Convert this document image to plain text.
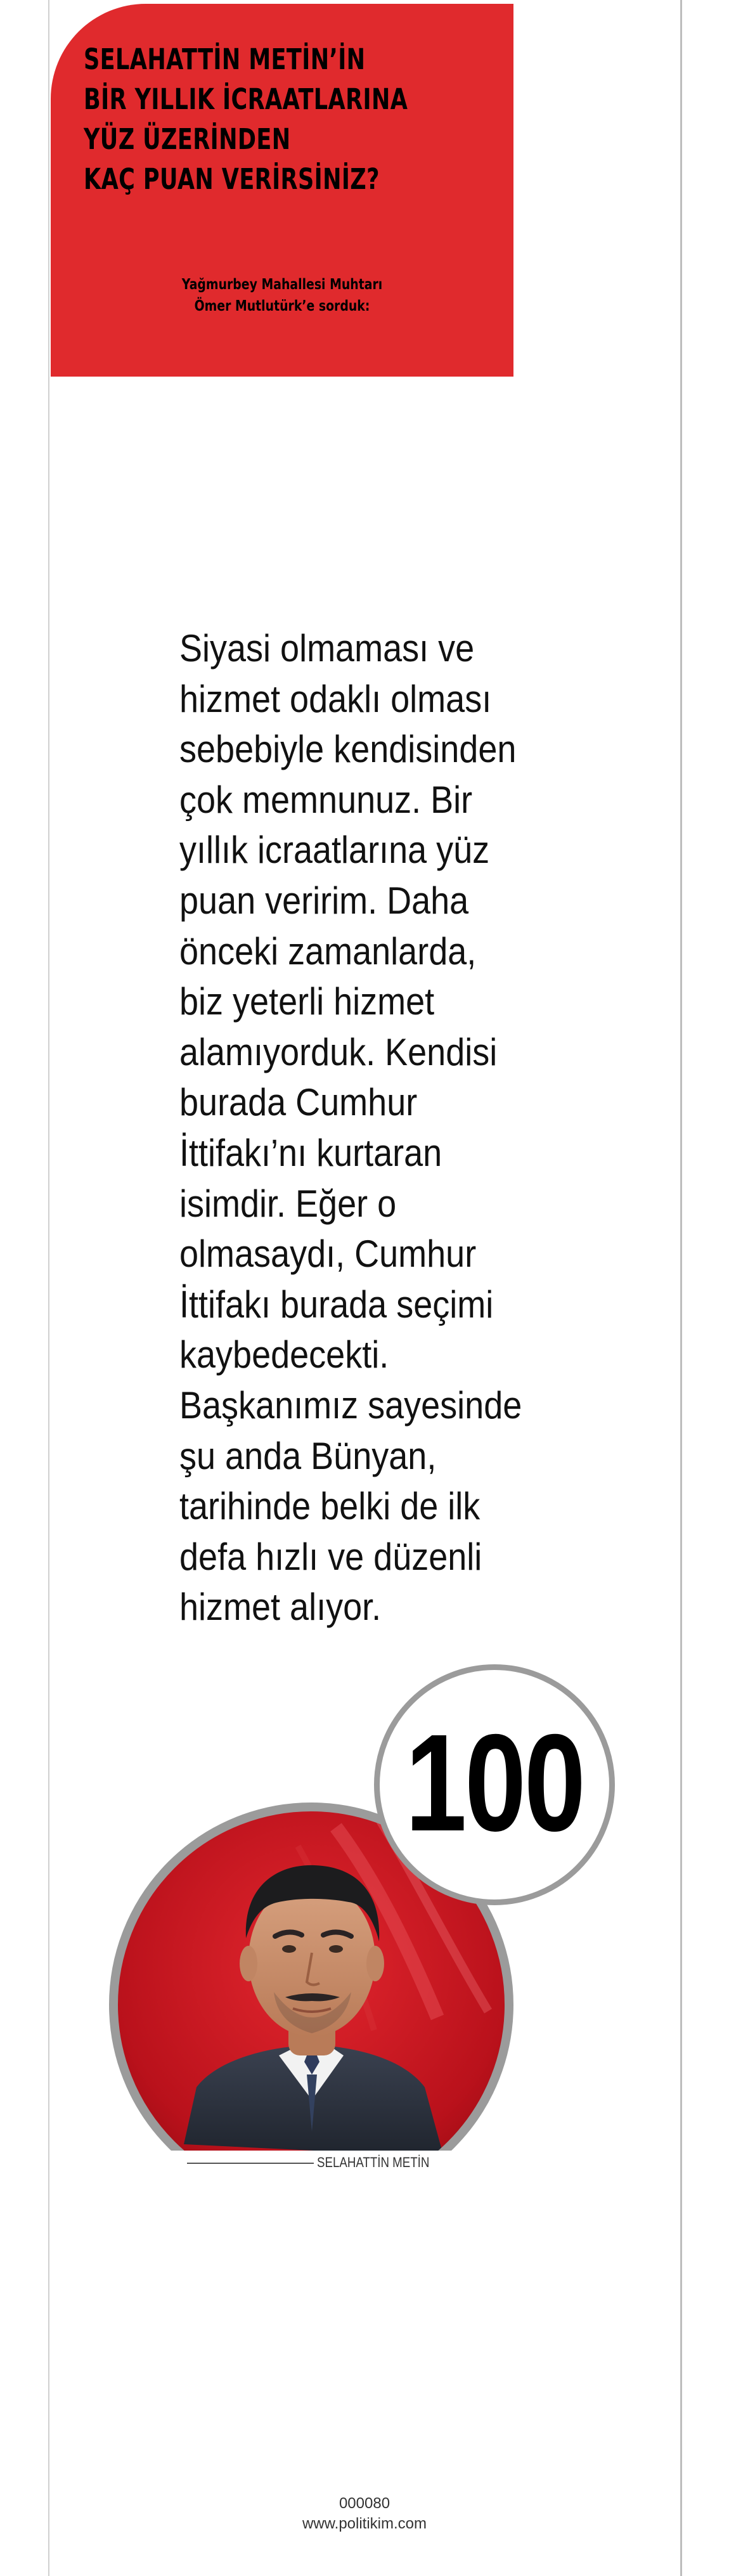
SELAHATTİN METİN’İN
BİR YILLIK İCRAATLARINA
YÜZ ÜZERİNDEN
KAÇ PUAN VERİRSİNİZ?
Yağmurbey Mahallesi Muhtarı
Ömer Mutlutürk’e sorduk:
Siyasi olmaması ve
hizmet odaklı olması
sebebiyle kendisinden
çok memnunuz. Bir
yıllık icraatlarına yüz
puan veririm. Daha
önceki zamanlarda,
biz yeterli hizmet
alamıyorduk. Kendisi
burada Cumhur
İttifakı’nı kurtaran
isimdir. Eğer o
olmasaydı, Cumhur
İttifakı burada seçimi
kaybedecekti.
Başkanımız sayesinde
şu anda Bünyan,
tarihinde belki de ilk
defa hızlı ve düzenli
hizmet alıyor.
100
SELAHATTİN METİN
000080
www.politikim.com
